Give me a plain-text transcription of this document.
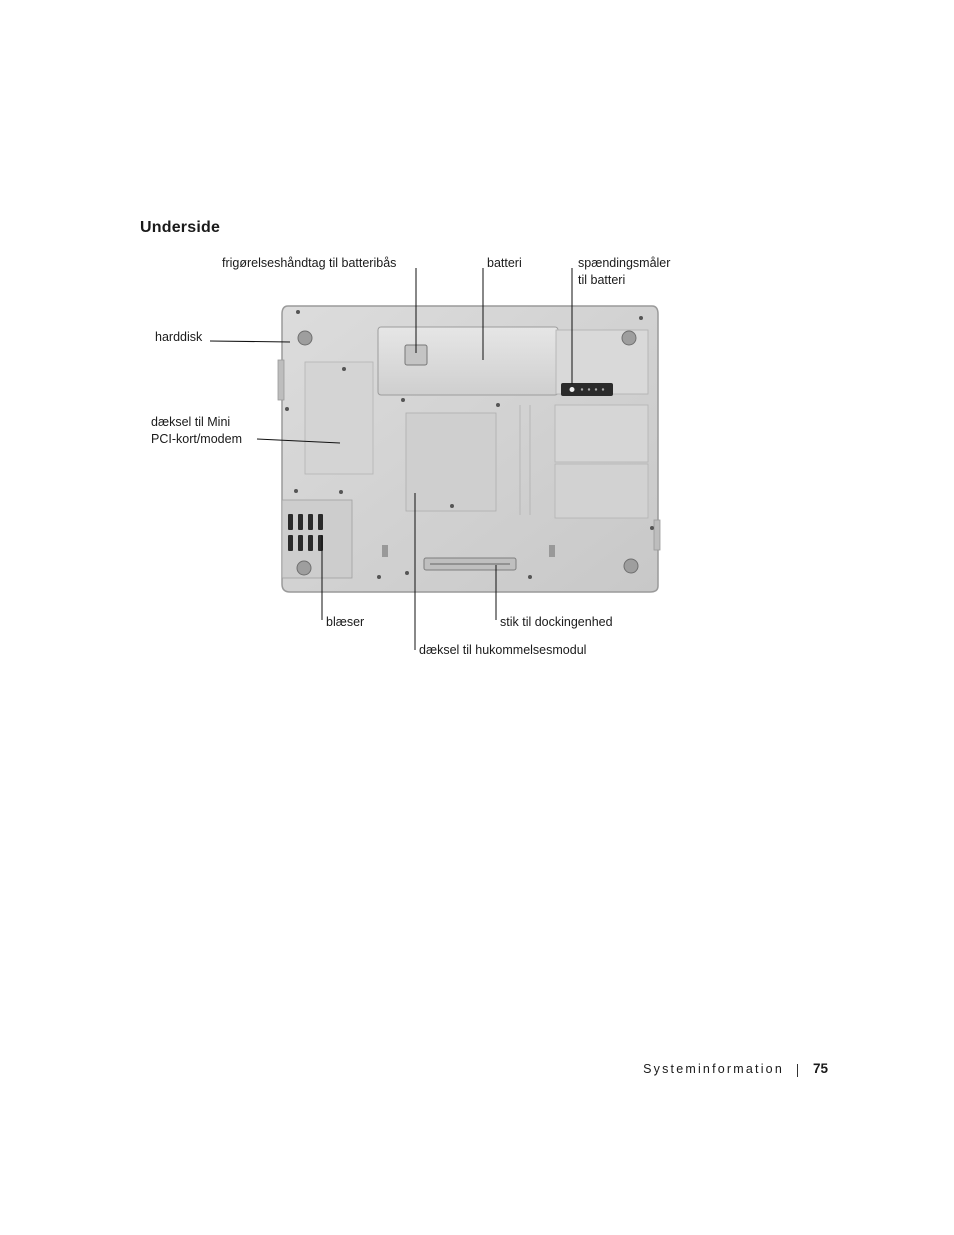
Underside
frigørelseshåndtag til batteribås	batteri	spændingsmåler
til batteri
harddisk
dæksel til Mini
PCI-kort/modem
blæser	stik til dockingenhed
dæksel til hukommelsesmodul
Systeminformation 75
